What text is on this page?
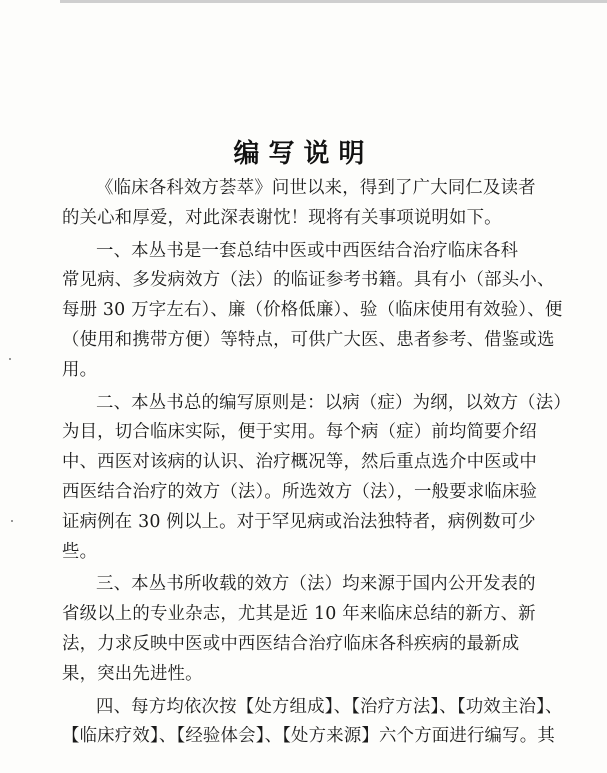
编写说明

《临床各科效方荟萃》问世以来，得到了广大同仁及读者
的关心和厚爱，对此深表谢忱！现将有关事项说明如下。

一、本丛书是一套总结中医或中西医结合治疗临床各科
常见病、多发病效方（法）的临证参考书籍。具有小（部头小、
每册 30 万字左右）、廉（价格低廉）、验（临床使用有效验）、便
（使用和携带方便）等特点，可供广大医、患者参考、借鉴或选
用。

二、本丛书总的编写原则是：以病（症）为纲，以效方（法）
为目，切合临床实际，便于实用。每个病（症）前均简要介绍
中、西医对该病的认识、治疗概况等，然后重点选介中医或中
西医结合治疗的效方（法）。所选效方（法），一般要求临床验
证病例在 30 例以上。对于罕见病或治法独特者，病例数可少
些。

三、本丛书所收载的效方（法）均来源于国内公开发表的
省级以上的专业杂志，尤其是近 10 年来临床总结的新方、新
法，力求反映中医或中西医结合治疗临床各科疾病的最新成
果，突出先进性。

四、每方均依次按【处方组成】、【治疗方法】、【功效主治】、
【临床疗效】、【经验体会】、【处方来源】六个方面进行编写。其
